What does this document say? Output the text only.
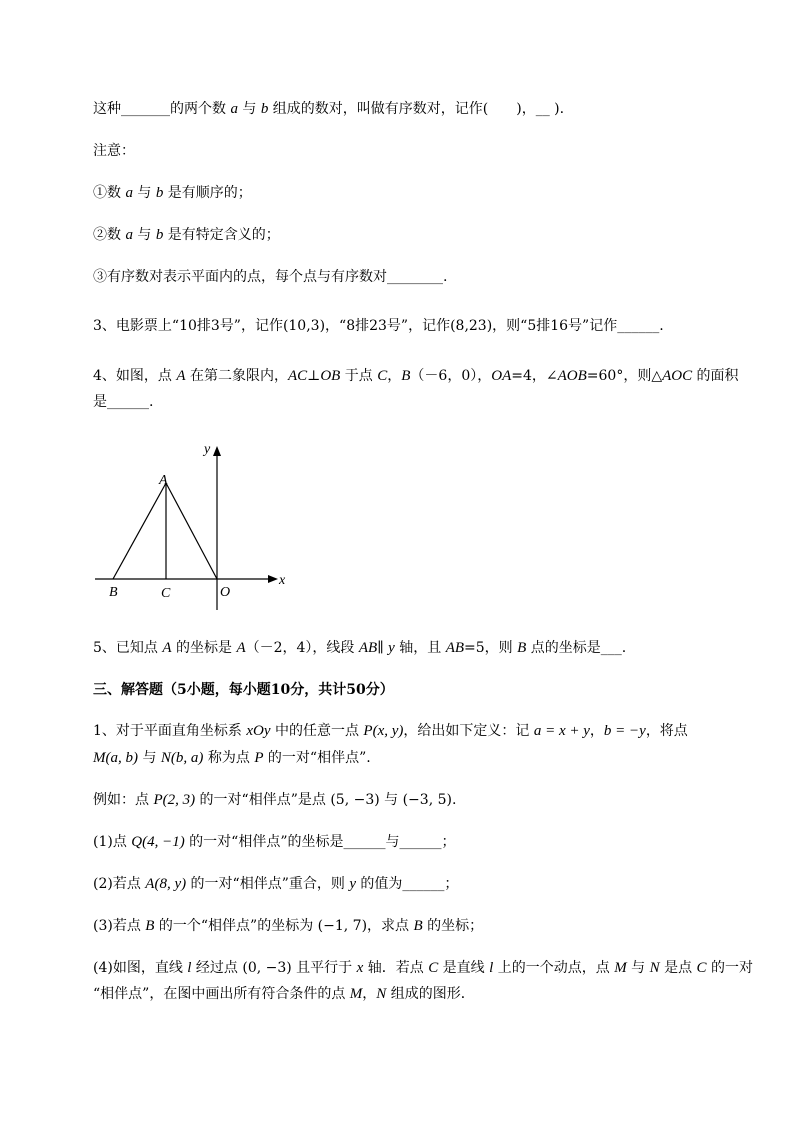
这种_______的两个数 a 与 b 组成的数对，叫做有序数对，记作(　　)，__ ).
注意：
①数 a 与 b 是有顺序的；
②数 a 与 b 是有特定含义的；
③有序数对表示平面内的点，每个点与有序数对________.
3、电影票上“10排3号”，记作(10,3)，“8排23号”，记作(8,23)，则“5排16号”记作______.
4、如图，点 A 在第二象限内，AC⊥OB 于点 C，B（－6，0），OA=4，∠AOB=60°，则△AOC 的面积
是______.
y
x
A
B	C	O
5、已知点 A 的坐标是 A（－2，4），线段 AB∥ y 轴，且 AB=5，则 B 点的坐标是___.
三、解答题（5小题，每小题10分，共计50分）
1、对于平面直角坐标系 xOy 中的任意一点 P(x, y)，给出如下定义：记 a = x + y，b = −y，将点
M(a, b) 与 N(b, a) 称为点 P 的一对“相伴点”.
例如：点 P(2, 3) 的一对“相伴点”是点 (5, −3) 与 (−3, 5).
(1)点 Q(4, −1) 的一对“相伴点”的坐标是______与______；
(2)若点 A(8, y) 的一对“相伴点”重合，则 y 的值为______；
(3)若点 B 的一个“相伴点”的坐标为 (−1, 7)，求点 B 的坐标；
(4)如图，直线 l 经过点 (0, −3) 且平行于 x 轴．若点 C 是直线 l 上的一个动点，点 M 与 N 是点 C 的一对
“相伴点”，在图中画出所有符合条件的点 M，N 组成的图形．
